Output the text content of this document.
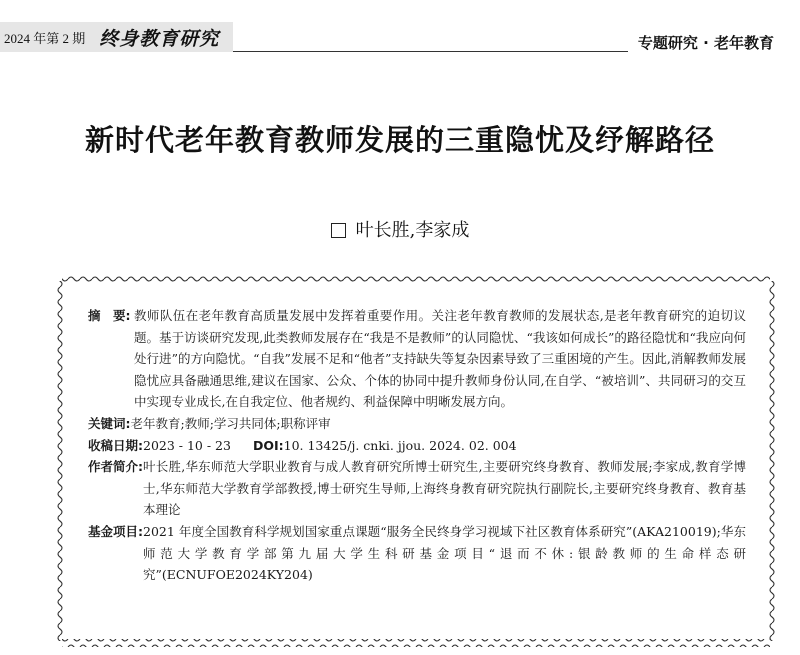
2024 年第 2 期 终身教育研究	专题研究 · 老年教育
新时代老年教育教师发展的三重隐忧及纾解路径
叶长胜,李家成
摘　要: 教师队伍在老年教育高质量发展中发挥着重要作用。关注老年教育教师的发展状态,是老年教育研究的迫切议题。基于访谈研究发现,此类教师发展存在“我是不是教师”的认同隐忧、“我该如何成长”的路径隐忧和“我应向何处行进”的方向隐忧。“自我”发展不足和“他者”支持缺失等复杂因素导致了三重困境的产生。因此,消解教师发展隐忧应具备融通思维,建议在国家、公众、个体的协同中提升教师身份认同,在自学、“被培训”、共同研习的交互中实现专业成长,在自我定位、他者规约、利益保障中明晰发展方向。
关键词: 老年教育;教师;学习共同体;职称评审
收稿日期: 2023 - 10 - 23 DOI:10. 13425/j. cnki. jjou. 2024. 02. 004
作者简介: 叶长胜,华东师范大学职业教育与成人教育研究所博士研究生,主要研究终身教育、教师发展;李家成,教育学博士,华东师范大学教育学部教授,博士研究生导师,上海终身教育研究院执行副院长,主要研究终身教育、教育基本理论
基金项目: 2021 年度全国教育科学规划国家重点课题“服务全民终身学习视域下社区教育体系研究”(AKA210019);华东师范大学教育学部第九届大学生科研基金项目“退而不休:银龄教师的生命样态研究”(ECNUFOE2024KY204)
